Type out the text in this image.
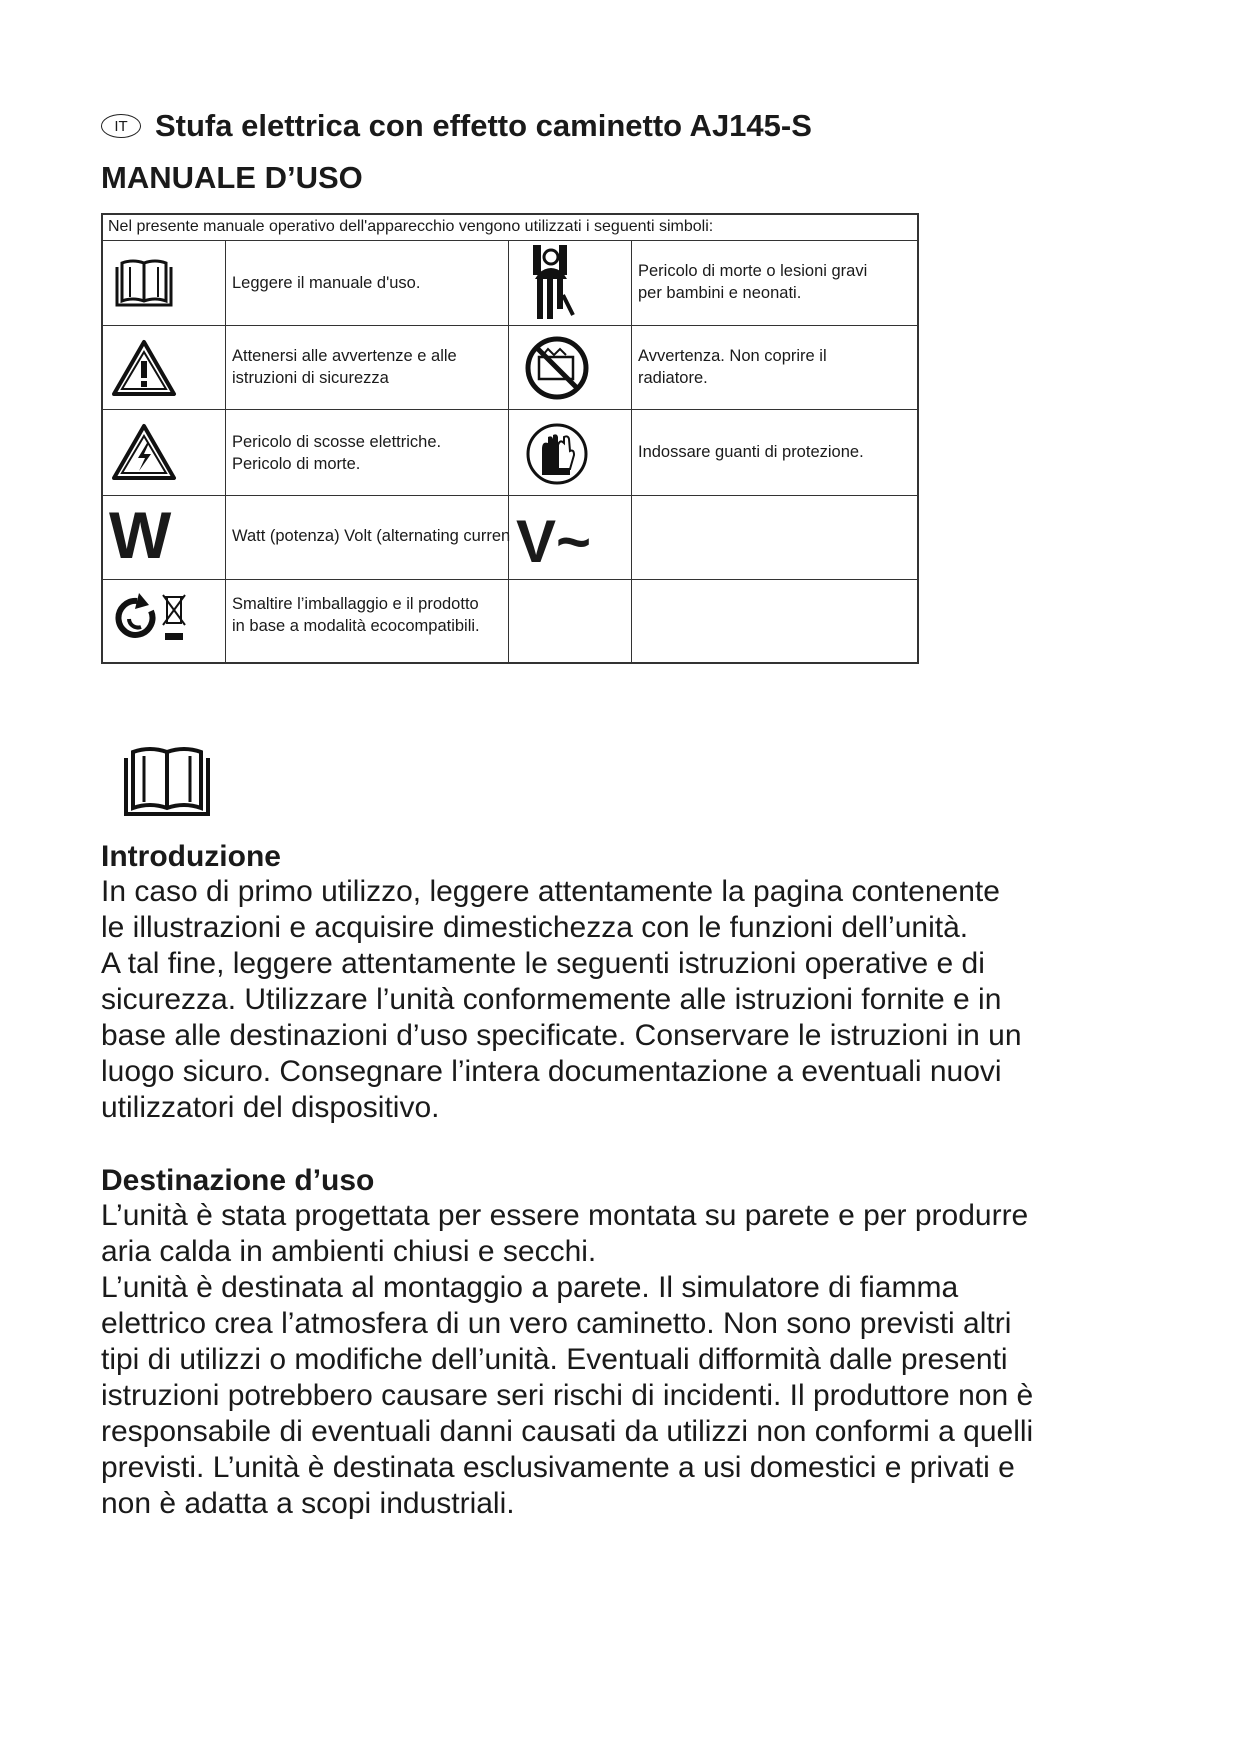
IT Stufa elettrica con effetto caminetto AJ145-S
MANUALE D’USO
Nel presente manuale operativo dell'apparecchio vengono utilizzati i seguenti simboli:
Leggere il manuale d'uso.
Pericolo di morte o lesioni gravi
per bambini e neonati.
Attenersi alle avvertenze e alle
istruzioni di sicurezza
Avvertenza. Non coprire il
radiatore.
Pericolo di scosse elettriche.
Pericolo di morte.
Indossare guanti di protezione.
W	Watt (potenza) Volt (alternating curren V~
Smaltire l’imballaggio e il prodotto
in base a modalità ecocompatibili.
Introduzione
In caso di primo utilizzo, leggere attentamente la pagina contenente
le illustrazioni e acquisire dimestichezza con le funzioni dell’unità.
A tal fine, leggere attentamente le seguenti istruzioni operative e di
sicurezza. Utilizzare l’unità conformemente alle istruzioni fornite e in
base alle destinazioni d’uso specificate. Conservare le istruzioni in un
luogo sicuro. Consegnare l’intera documentazione a eventuali nuovi
utilizzatori del dispositivo.
Destinazione d’uso
L’unità è stata progettata per essere montata su parete e per produrre
aria calda in ambienti chiusi e secchi.
L’unità è destinata al montaggio a parete. Il simulatore di fiamma
elettrico crea l’atmosfera di un vero caminetto. Non sono previsti altri
tipi di utilizzi o modifiche dell’unità. Eventuali difformità dalle presenti
istruzioni potrebbero causare seri rischi di incidenti. Il produttore non è
responsabile di eventuali danni causati da utilizzi non conformi a quelli
previsti. L’unità è destinata esclusivamente a usi domestici e privati e
non è adatta a scopi industriali.
